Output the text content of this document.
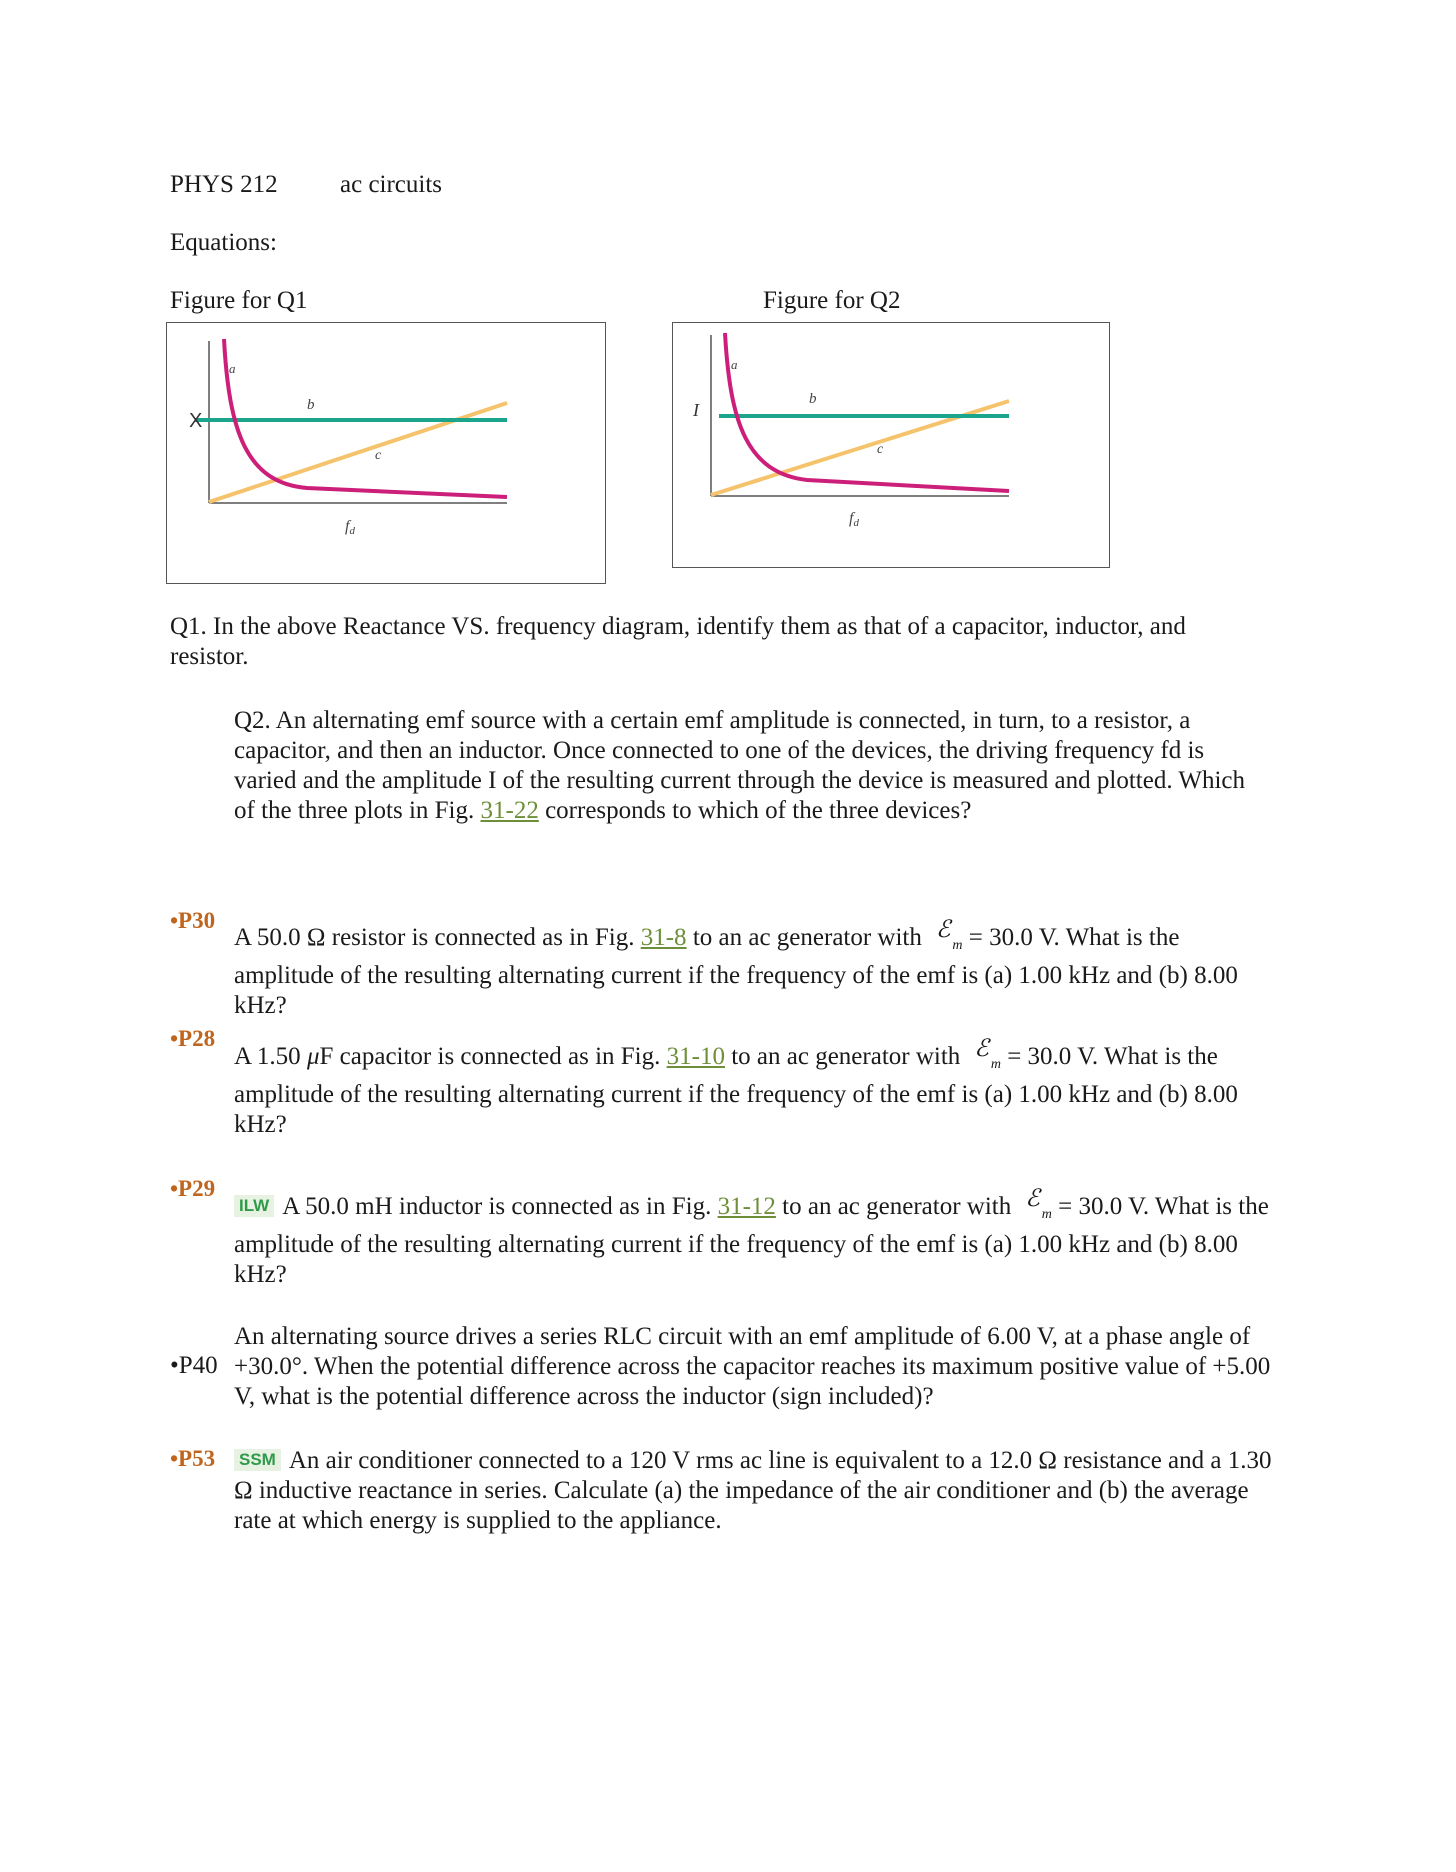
PHYS 212 ac circuits
Equations:
Figure for Q1	Figure for Q2
X
a
b
c
fd
I
a
b
c
fd
Q1. In the above Reactance VS. frequency diagram, identify them as that of a capacitor, inductor, and resistor.
Q2. An alternating emf source with a certain emf amplitude is connected, in turn, to a resistor, a capacitor, and then an inductor. Once connected to one of the devices, the driving frequency fd is varied and the amplitude I of the resulting current through the device is measured and plotted. Which of the three plots in Fig. 31-22 corresponds to which of the three devices?
•P30
A 50.0 Ω resistor is connected as in Fig. 31-8 to an ac generator with ℰ$_m$ = 30.0 V. What is the amplitude of the resulting alternating current if the frequency of the emf is (a) 1.00 kHz and (b) 8.00 kHz?
•P28
A 1.50 μF capacitor is connected as in Fig. 31-10 to an ac generator with ℰ$_m$ = 30.0 V. What is the amplitude of the resulting alternating current if the frequency of the emf is (a) 1.00 kHz and (b) 8.00 kHz?
•P29
ILW A 50.0 mH inductor is connected as in Fig. 31-12 to an ac generator with ℰ$_m$ = 30.0 V. What is the amplitude of the resulting alternating current if the frequency of the emf is (a) 1.00 kHz and (b) 8.00 kHz?
•P40
An alternating source drives a series RLC circuit with an emf amplitude of 6.00 V, at a phase angle of +30.0°. When the potential difference across the capacitor reaches its maximum positive value of +5.00 V, what is the potential difference across the inductor (sign included)?
•P53 SSM An air conditioner connected to a 120 V rms ac line is equivalent to a 12.0 Ω resistance and a 1.30 Ω inductive reactance in series. Calculate (a) the impedance of the air conditioner and (b) the average rate at which energy is supplied to the appliance.
